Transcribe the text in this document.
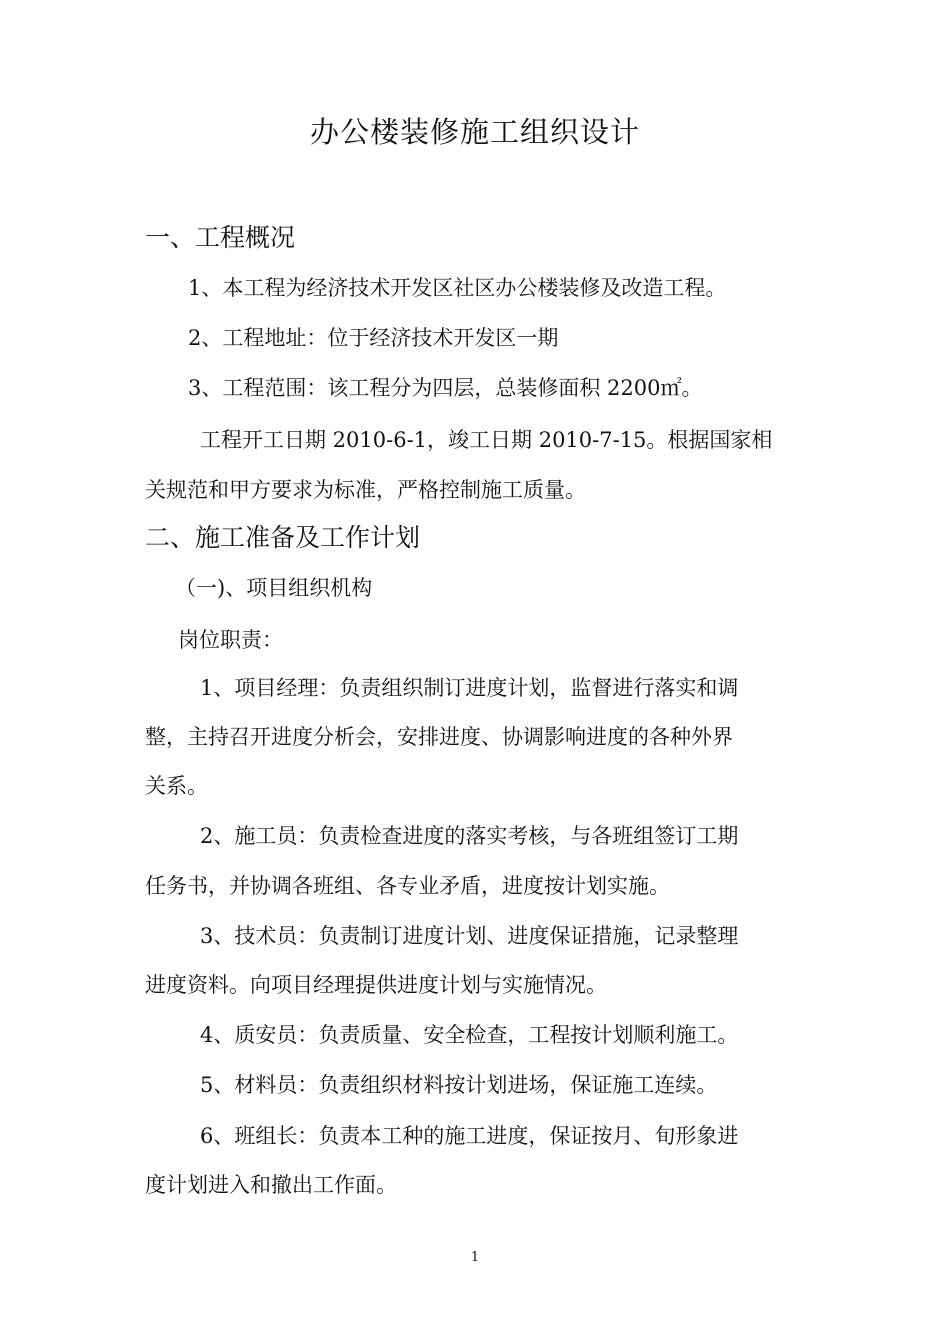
办公楼装修施工组织设计
一、工程概况
1、本工程为经济技术开发区社区办公楼装修及改造工程。
2、工程地址：位于经济技术开发区一期
3、工程范围：该工程分为四层，总装修面积 2200㎡。
工程开工日期 2010-6-1，竣工日期 2010-7-15。根据国家相
关规范和甲方要求为标准，严格控制施工质量。
二、施工准备及工作计划
（一)、项目组织机构
岗位职责：
1、项目经理：负责组织制订进度计划，监督进行落实和调
整，主持召开进度分析会，安排进度、协调影响进度的各种外界
关系。
2、施工员：负责检查进度的落实考核，与各班组签订工期
任务书，并协调各班组、各专业矛盾，进度按计划实施。
3、技术员：负责制订进度计划、进度保证措施，记录整理
进度资料。向项目经理提供进度计划与实施情况。
4、质安员：负责质量、安全检查，工程按计划顺利施工。
5、材料员：负责组织材料按计划进场，保证施工连续。
6、班组长：负责本工种的施工进度，保证按月、旬形象进
度计划进入和撤出工作面。
1
